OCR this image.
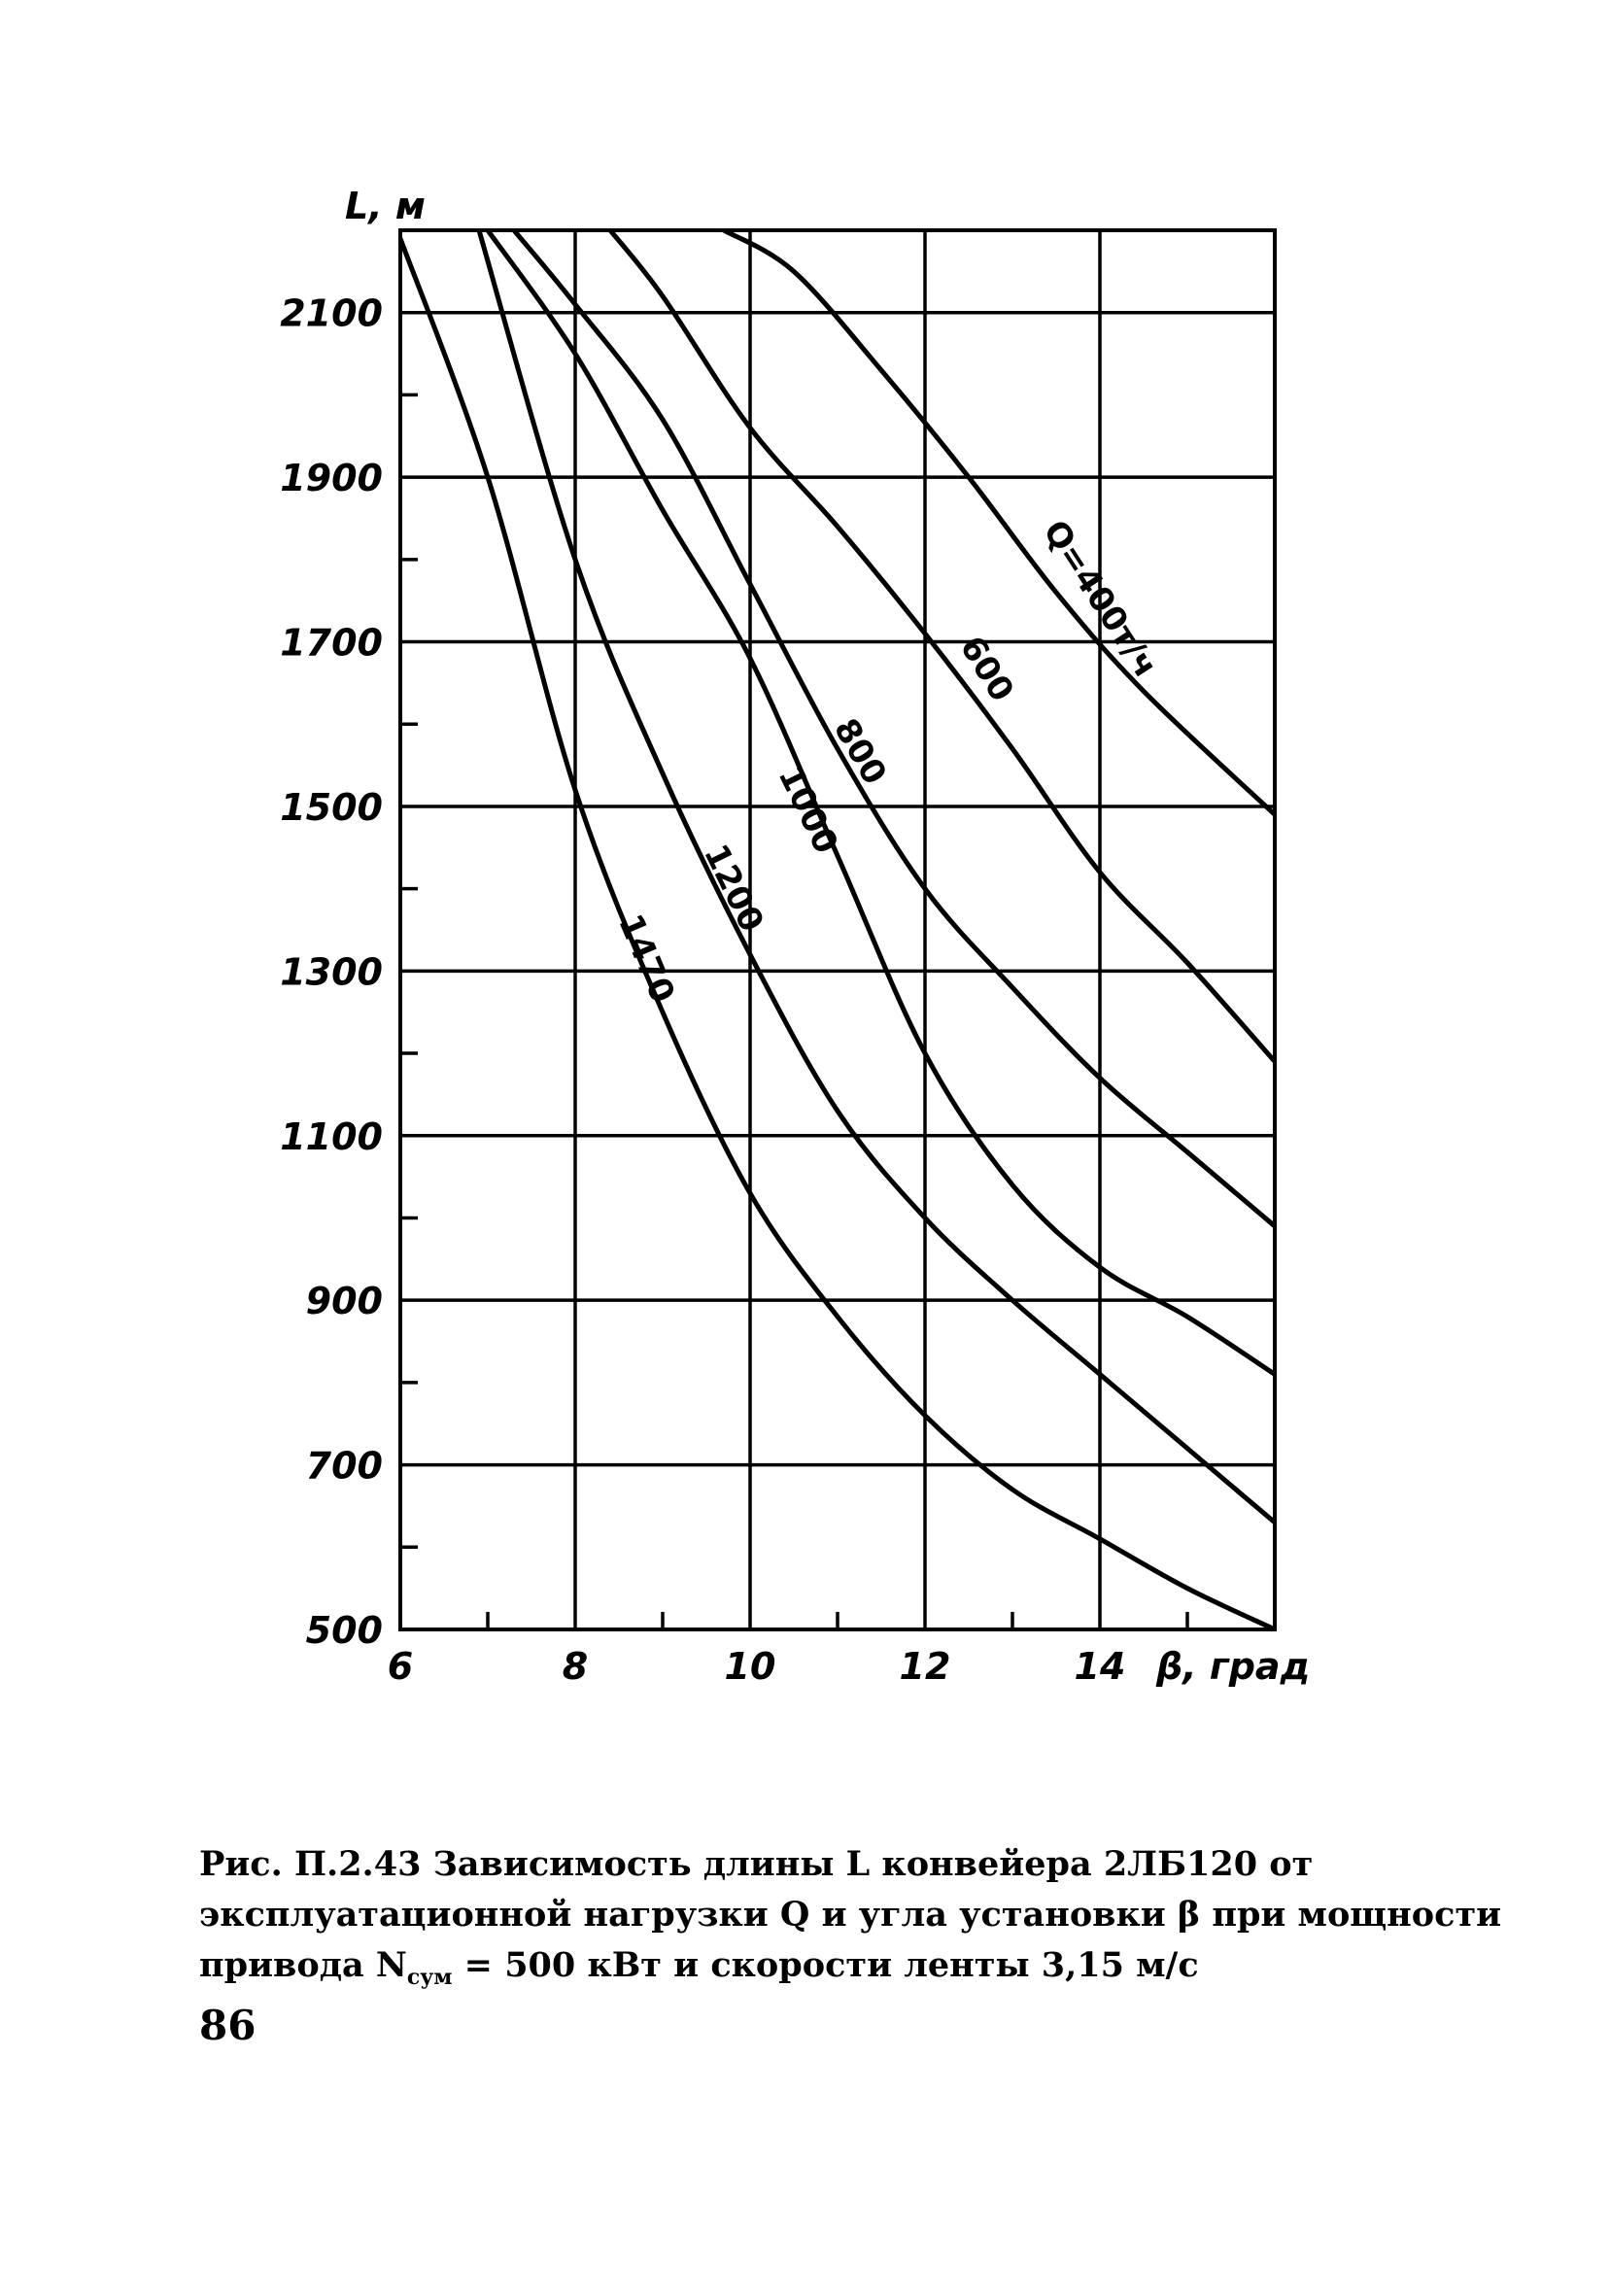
500
700
900
1100
1300
1500
1700
1900
2100
6	8	10	12	14
Q=400т/ч
600
800
1000
1200
1470
L, м
β, град
Рис. П.2.43 Зависимость длины L конвейера 2ЛБ120 от
эксплуатационной нагрузки Q и угла установки β при мощности
привода $N_{сум} = 500$ кВт и скорости ленты 3,15 м/с
86
